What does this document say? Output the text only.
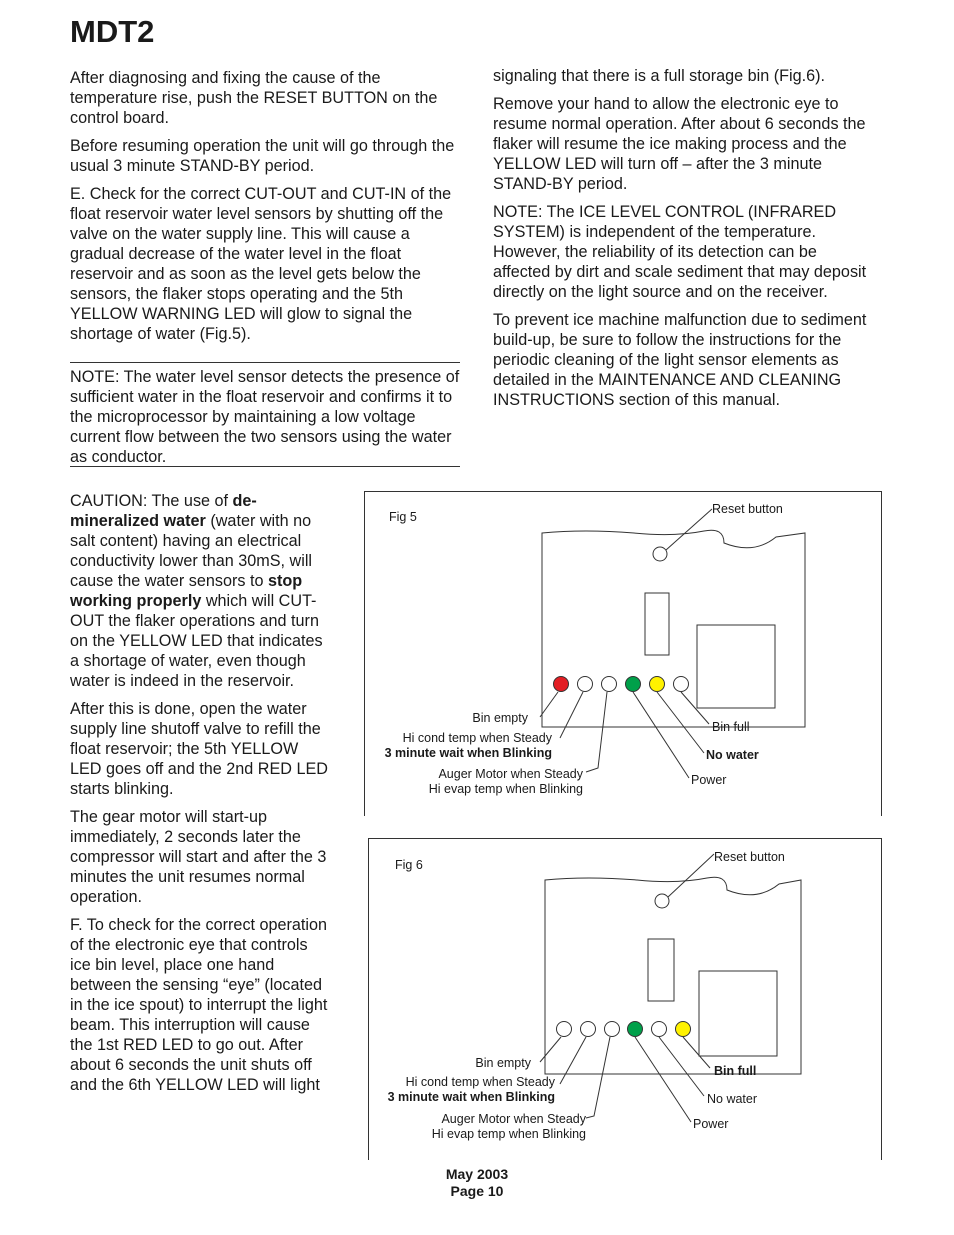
MDT2

After diagnosing and fixing the cause of the temperature rise, push the RESET BUTTON on the control board.

Before resuming operation the unit will go through the usual 3 minute STAND-BY period.

E. Check for the correct CUT-OUT and CUT-IN of the float reservoir water level sensors by shutting off the valve on the water supply line. This will cause a gradual decrease of the water level in the float reservoir and as soon as the level gets below the sensors, the flaker stops operating and the 5th YELLOW WARNING LED will glow to signal the shortage of water (Fig.5).

NOTE: The water level sensor detects the presence of sufficient water in the float reservoir and confirms it to the microprocessor by maintaining a low voltage current flow between the two sensors using the water as conductor.

signaling that there is a full storage bin (Fig.6).

Remove your hand to allow the electronic eye to resume normal operation. After about 6 seconds the flaker will resume the ice making process and the YELLOW LED will turn off – after the 3 minute STAND-BY period.

NOTE: The ICE LEVEL CONTROL (INFRARED SYSTEM) is independent of the temperature. However, the reliability of its detection can be affected by dirt and scale sediment that may deposit directly on the light source and on the receiver.

To prevent ice machine malfunction due to sediment build-up, be sure to follow the instructions for the periodic cleaning of the light sensor elements as detailed in the MAINTENANCE AND CLEANING INSTRUCTIONS section of this manual.

CAUTION: The use of de-mineralized water (water with no salt content) having an electrical conductivity lower than 30mS, will cause the water sensors to stop working properly which will CUT-OUT the flaker operations and turn on the YELLOW LED that indicates a shortage of water, even though water is indeed in the reservoir.

After this is done, open the water supply line shutoff valve to refill the float reservoir; the 5th YELLOW LED goes off and the 2nd RED LED starts blinking.

The gear motor will start-up immediately, 2 seconds later the compressor will start and after the 3 minutes the unit resumes normal operation.

F. To check for the correct operation of the electronic eye that controls ice bin level, place one hand between the sensing “eye” (located in the ice spout) to interrupt the light beam. This interruption will cause the 1st RED LED to go out. After about 6 seconds the unit shuts off and the 6th YELLOW LED will light

Fig 5
Reset button
Bin empty
Hi cond temp when Steady
3 minute wait when Blinking
Auger Motor when Steady
Hi evap temp when Blinking
Bin full
No water
Power
Fig 6
Reset button
Bin empty
Hi cond temp when Steady
3 minute wait when Blinking
Auger Motor when Steady
Hi evap temp when Blinking
Bin full
No water
Power
May 2003
Page 10
